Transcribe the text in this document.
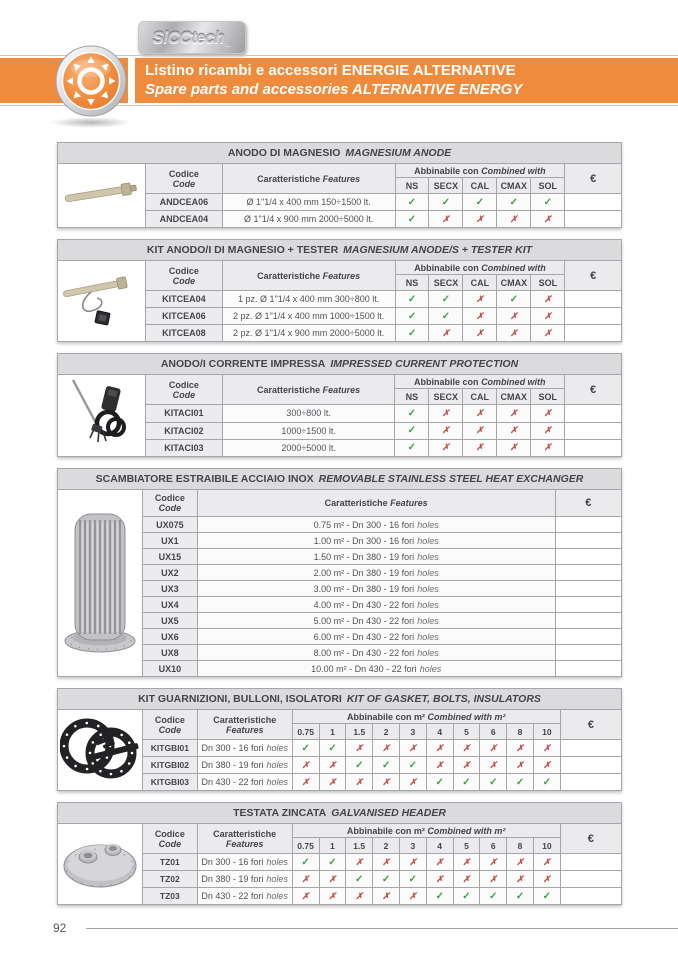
SiCCtech srl
Listino ricambi e accessori ENERGIE ALTERNATIVE
Spare parts and accessories ALTERNATIVE ENERGY
ANODO DI MAGNESIO MAGNESIUM ANODE								

Codice
Code	Caratteristiche Features	Abbinabile con Combined with					€
			NS	SECX	CAL	CMAX	SOL	
	ANDCEA06	Ø 1"1/4 x 400 mm 150÷1500 lt.	✓	✓	✓	✓	✓	
	ANDCEA04	Ø 1"1/4 x 900 mm 2000÷5000 lt.	✓	✗	✗	✗	✗	
KIT ANODO/I DI MAGNESIO + TESTER MAGNESIUM ANODE/S + TESTER KIT								

Codice
Code	Caratteristiche Features	Abbinabile con Combined with					€
			NS	SECX	CAL	CMAX	SOL	
	KITCEA04	1 pz. Ø 1"1/4 x 400 mm 300÷800 lt.	✓	✓	✗	✓	✗	
	KITCEA06	2 pz. Ø 1"1/4 x 400 mm 1000÷1500 lt.	✓	✓	✗	✗	✗	
	KITCEA08	2 pz. Ø 1"1/4 x 900 mm 2000÷5000 lt.	✓	✗	✗	✗	✗	
ANODO/I CORRENTE IMPRESSA IMPRESSED CURRENT PROTECTION								

Codice
Code	Caratteristiche Features	Abbinabile con Combined with					€
			NS	SECX	CAL	CMAX	SOL	
	KITACI01	300÷800 lt.	✓	✗	✗	✗	✗	
	KITACI02	1000÷1500 lt.	✓	✗	✗	✗	✗	
	KITACI03	2000÷5000 lt.	✓	✗	✗	✗	✗	
SCAMBIATORE ESTRAIBILE ACCIAIO INOX REMOVABLE STAINLESS STEEL HEAT EXCHANGER			

Codice
Code	Caratteristiche Features	€
	UX075	0.75 m² - Dn 300 - 16 fori holes	
	UX1	1.00 m² - Dn 300 - 16 fori holes	
	UX15	1.50 m² - Dn 380 - 19 fori holes	
	UX2	2.00 m² - Dn 380 - 19 fori holes	
	UX3	3.00 m² - Dn 380 - 19 fori holes	
	UX4	4.00 m² - Dn 430 - 22 fori holes	
	UX5	5.00 m² - Dn 430 - 22 fori holes	
	UX6	6.00 m² - Dn 430 - 22 fori holes	
	UX8	8.00 m² - Dn 430 - 22 fori holes	
	UX10	10.00 m² - Dn 430 - 22 fori holes	
KIT GUARNIZIONI, BULLONI, ISOLATORI KIT OF GASKET, BOLTS, INSULATORS													

Codice
Code

Caratteristiche
Features
	Abbinabile con m² Combined with m²	€
			0.75	1	1.5	2	3	4	5	6	8	10	
	KITGBI01	Dn 300 - 16 fori holes	✓	✓	✗	✗	✗	✗	✗	✗	✗	✗	
	KITGBI02	Dn 380 - 19 fori holes	✗	✗	✓	✓	✓	✗	✗	✗	✗	✗	
	KITGBI03	Dn 430 - 22 fori holes	✗	✗	✗	✗	✗	✓	✓	✓	✓	✓	
TESTATA ZINCATA GALVANISED HEADER													

Codice
Code

Caratteristiche
Features
	Abbinabile con m² Combined with m²	€
			0.75	1	1.5	2	3	4	5	6	8	10	
	TZ01	Dn 300 - 16 fori holes	✓	✓	✗	✗	✗	✗	✗	✗	✗	✗	
	TZ02	Dn 380 - 19 fori holes	✗	✗	✓	✓	✓	✗	✗	✗	✗	✗	
	TZ03	Dn 430 - 22 fori holes	✗	✗	✗	✗	✗	✓	✓	✓	✓	✓	
92
